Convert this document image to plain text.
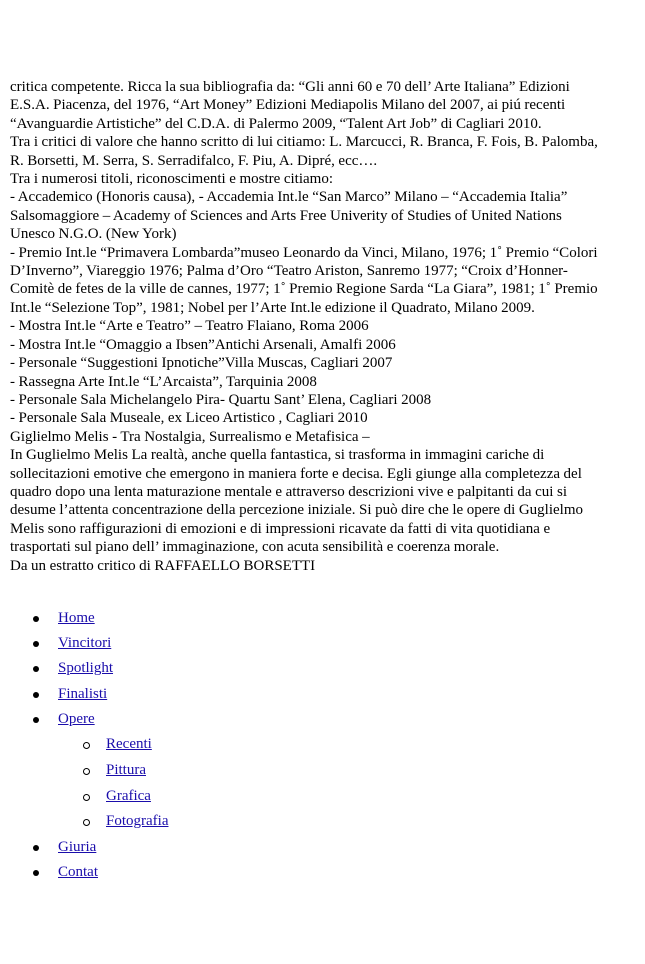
critica competente. Ricca la sua bibliografia da: “Gli anni 60 e 70 dell’ Arte Italiana” Edizioni

E.S.A. Piacenza, del 1976, “Art Money” Edizioni Mediapolis Milano del 2007, ai piú recenti

“Avanguardie Artistiche” del C.D.A. di Palermo 2009, “Talent Art Job” di Cagliari 2010.

Tra i critici di valore che hanno scritto di lui citiamo: L. Marcucci, R. Branca, F. Fois, B. Palomba,

R. Borsetti, M. Serra, S. Serradifalco, F. Piu, A. Dipré, ecc….

Tra i numerosi titoli, riconoscimenti e mostre citiamo:

- Accademico (Honoris causa), - Accademia Int.le “San Marco” Milano – “Accademia Italia”

Salsomaggiore – Academy of Sciences and Arts Free Univerity of Studies of United Nations

Unesco N.G.O. (New York)

- Premio Int.le “Primavera Lombarda”museo Leonardo da Vinci, Milano, 1976; 1˚ Premio “Colori

D’Inverno”, Viareggio 1976; Palma d’Oro “Teatro Ariston, Sanremo 1977; “Croix d’Honner-

Comitè de fetes de la ville de cannes, 1977; 1˚ Premio Regione Sarda “La Giara”, 1981; 1˚ Premio

Int.le “Selezione Top”, 1981; Nobel per l’Arte Int.le edizione il Quadrato, Milano 2009.

- Mostra Int.le “Arte e Teatro” – Teatro Flaiano, Roma 2006

- Mostra Int.le “Omaggio a Ibsen”Antichi Arsenali, Amalfi 2006

- Personale “Suggestioni Ipnotiche”Villa Muscas, Cagliari 2007

- Rassegna Arte Int.le “L’Arcaista”, Tarquinia 2008

- Personale Sala Michelangelo Pira- Quartu Sant’ Elena, Cagliari 2008

- Personale Sala Museale, ex Liceo Artistico , Cagliari 2010

Giglielmo Melis - Tra Nostalgia, Surrealismo e Metafisica –

In Guglielmo Melis La realtà, anche quella fantastica, si trasforma in immagini cariche di

sollecitazioni emotive che emergono in maniera forte e decisa. Egli giunge alla completezza del

quadro dopo una lenta maturazione mentale e attraverso descrizioni vive e palpitanti da cui si

desume l’attenta concentrazione della percezione iniziale. Si può dire che le opere di Guglielmo

Melis sono raffigurazioni di emozioni e di impressioni ricavate da fatti di vita quotidiana e

trasportati sul piano dell’ immaginazione, con acuta sensibilità e coerenza morale.

Da un estratto critico di RAFFAELLO BORSETTI

Home
Vincitori
Spotlight
Finalisti
Opere
Recenti
Pittura
Grafica
Fotografia
Giuria
Contat
